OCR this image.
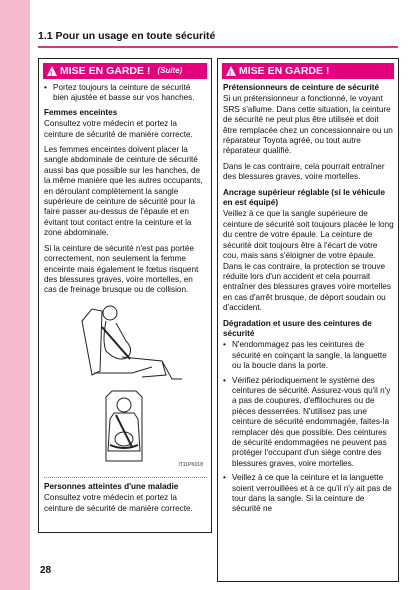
1.1 Pour un usage en toute sécurité
!
MISE EN GARDE ! (Suite)
• Portez toujours la ceinture de sécurité bien ajustée et basse sur vos hanches.
Femmes enceintes

Consultez votre médecin et portez la ceinture de sécurité de manière correcte.

Les femmes enceintes doivent placer la sangle abdominale de ceinture de sécurité aussi bas que possible sur les hanches, de la même manière que les autres occupants, en déroulant complètement la sangle supérieure de ceinture de sécurité pour la faire passer au-dessus de l'épaule et en évitant tout contact entre la ceinture et la zone abdominale.

Si la ceinture de sécurité n'est pas portée correctement, non seulement la femme enceinte mais également le fœtus risquent des blessures graves, voire mortelles, en cas de freinage brusque ou de collision.

IT11PK018
Personnes atteintes d'une maladie

Consultez votre médecin et portez la ceinture de sécurité de manière correcte.

!
MISE EN GARDE !
Prétensionneurs de ceinture de sécurité

Si un prétensionneur a fonctionné, le voyant SRS s'allume. Dans cette situation, la ceinture de sécurité ne peut plus être utilisée et doit être remplacée chez un concessionnaire ou un réparateur Toyota agréé, ou tout autre réparateur qualifié.

Dans le cas contraire, cela pourrait entraîner des blessures graves, voire mortelles.

Ancrage supérieur réglable (si le véhicule en est équipé)

Veillez à ce que la sangle supérieure de ceinture de sécurité soit toujours placée le long du centre de votre épaule. La ceinture de sécurité doit toujours être à l'écart de votre cou, mais sans s'éloigner de votre épaule. Dans le cas contraire, la protection se trouve réduite lors d'un accident et cela pourrait entraîner des blessures graves voire mortelles en cas d'arrêt brusque, de déport soudain ou d'accident.

Dégradation et usure des ceintures de sécurité
• N'endommagez pas les ceintures de sécurité en coinçant la sangle, la languette ou la boucle dans la porte.
• Vérifiez périodiquement le système des ceintures de sécurité. Assurez-vous qu'il n'y a pas de coupures, d'effilochures ou de pièces desserrées. N'utilisez pas une ceinture de sécurité endommagée, faites-la remplacer dès que possible. Des ceintures de sécurité endommagées ne peuvent pas protéger l'occupant d'un siège contre des blessures graves, voire mortelles.
• Veillez à ce que la ceinture et la languette soient verrouillées et à ce qu'il n'y ait pas de tour dans la sangle. Si la ceinture de sécurité ne
28
